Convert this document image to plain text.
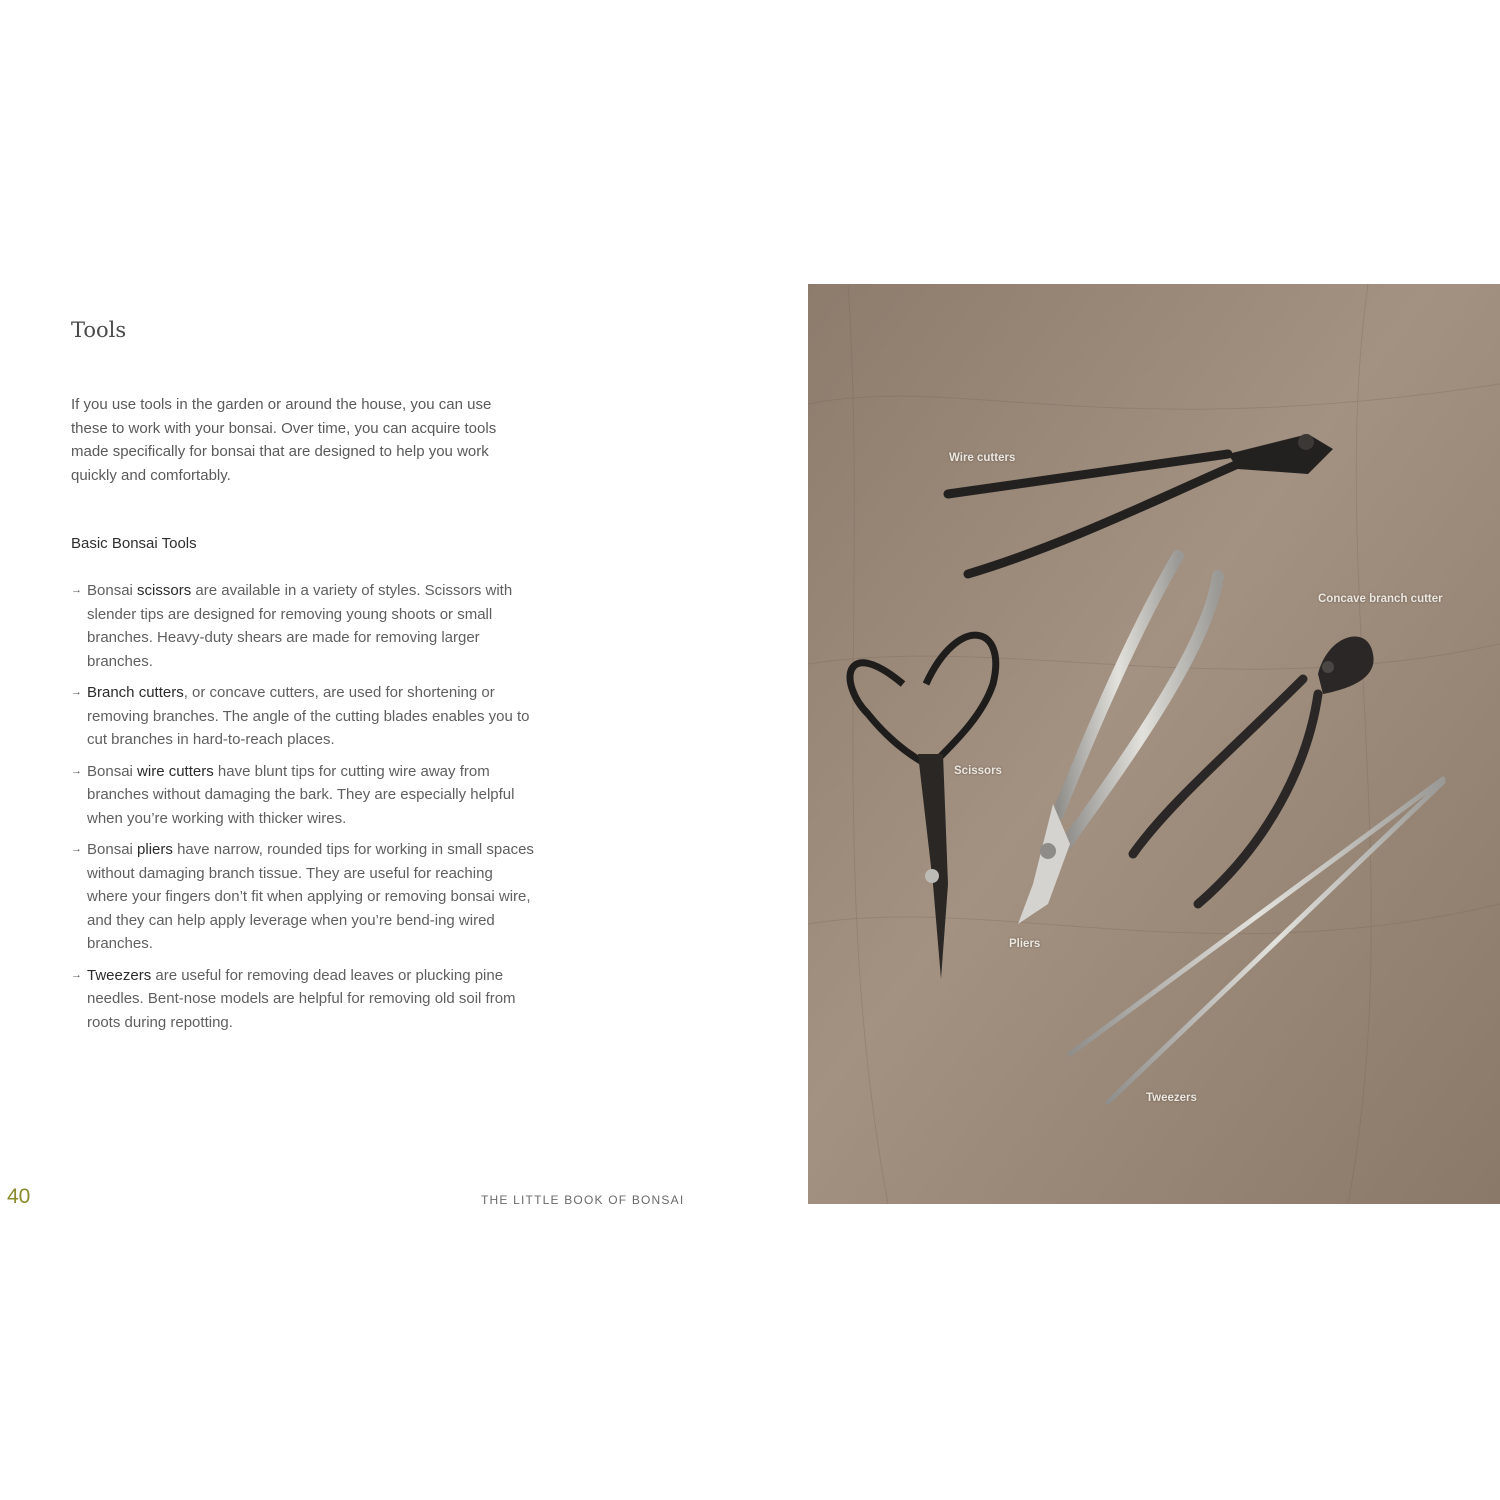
Tools

If you use tools in the garden or around the house, you can use these to work with your bonsai. Over time, you can acquire tools made specifically for bonsai that are designed to help you work quickly and comfortably.

Basic Bonsai Tools
→ Bonsai scissors are available in a variety of styles. Scissors with slender tips are designed for removing young shoots or small branches. Heavy-duty shears are made for removing larger branches.
→ Branch cutters, or concave cutters, are used for shortening or removing branches. The angle of the cutting blades enables you to cut branches in hard-to-reach places.
→ Bonsai wire cutters have blunt tips for cutting wire away from branches without damaging the bark. They are especially helpful when you’re working with thicker wires.
→ Bonsai pliers have narrow, rounded tips for working in small spaces without damaging branch tissue. They are useful for reaching where your fingers don’t fit when applying or removing bonsai wire, and they can help apply leverage when you’re bend-ing wired branches.
→ Tweezers are useful for removing dead leaves or plucking pine needles. Bent-nose models are helpful for removing old soil from roots during repotting.
40	THE LITTLE BOOK OF BONSAI
Wire cutters
Concave branch cutter
Scissors
Pliers
Tweezers
